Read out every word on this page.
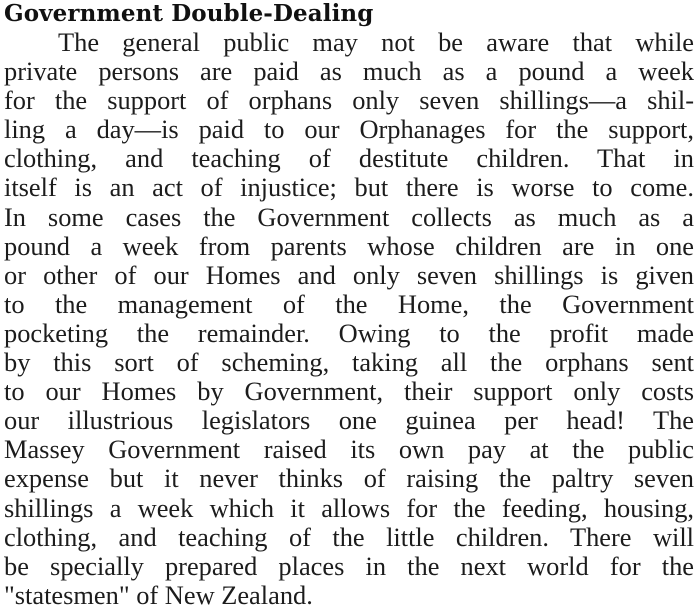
Government Double-Dealing
The general public may not be aware that while
private persons are paid as much as a pound a week
for the support of orphans only seven shillings—a shil-
ling a day—is paid to our Orphanages for the support,
clothing, and teaching of destitute children. That in
itself is an act of injustice; but there is worse to come.
In some cases the Government collects as much as a
pound a week from parents whose children are in one
or other of our Homes and only seven shillings is given
to the management of the Home, the Government
pocketing the remainder. Owing to the profit made
by this sort of scheming, taking all the orphans sent
to our Homes by Government, their support only costs
our illustrious legislators one guinea per head! The
Massey Government raised its own pay at the public
expense but it never thinks of raising the paltry seven
shillings a week which it allows for the feeding, housing,
clothing, and teaching of the little children. There will
be specially prepared places in the next world for the
"statesmen" of New Zealand.
